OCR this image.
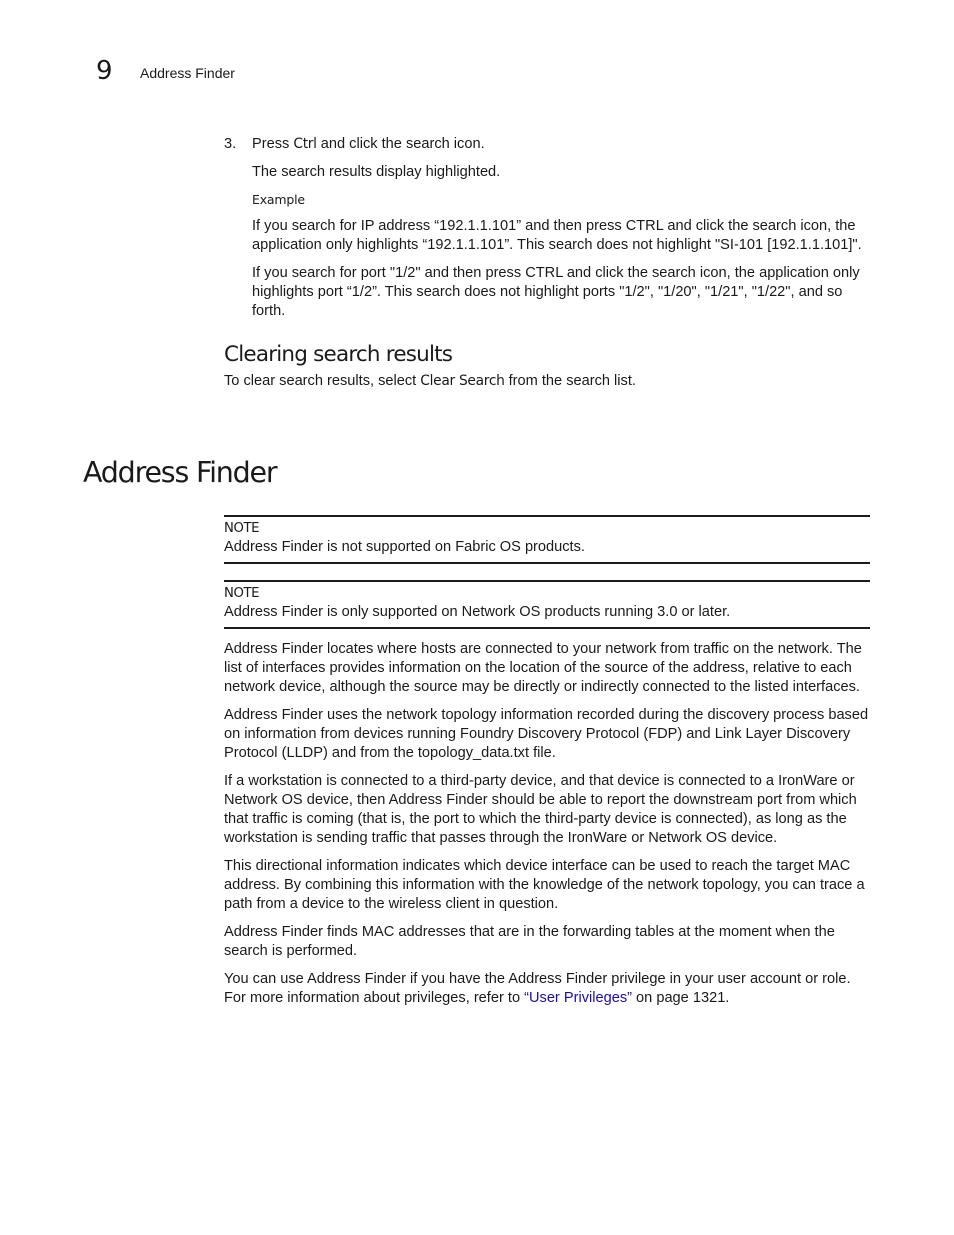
9 Address Finder
3. Press Ctrl and click the search icon.

The search results display highlighted.

Example

If you search for IP address “192.1.1.101” and then press CTRL and click the search icon, the application only highlights “192.1.1.101”. This search does not highlight "SI-101 [192.1.1.101]".

If you search for port "1/2" and then press CTRL and click the search icon, the application only highlights port “1/2”. This search does not highlight ports "1/2", "1/20", "1/21", "1/22", and so forth.

Clearing search results

To clear search results, select Clear Search from the search list.

Address Finder
NOTE

Address Finder is not supported on Fabric OS products.

NOTE

Address Finder is only supported on Network OS products running 3.0 or later.

Address Finder locates where hosts are connected to your network from traffic on the network. The list of interfaces provides information on the location of the source of the address, relative to each network device, although the source may be directly or indirectly connected to the listed interfaces.

Address Finder uses the network topology information recorded during the discovery process based on information from devices running Foundry Discovery Protocol (FDP) and Link Layer Discovery Protocol (LLDP) and from the topology_data.txt file.

If a workstation is connected to a third-party device, and that device is connected to a IronWare or Network OS device, then Address Finder should be able to report the downstream port from which that traffic is coming (that is, the port to which the third-party device is connected), as long as the workstation is sending traffic that passes through the IronWare or Network OS device.

This directional information indicates which device interface can be used to reach the target MAC address. By combining this information with the knowledge of the network topology, you can trace a path from a device to the wireless client in question.

Address Finder finds MAC addresses that are in the forwarding tables at the moment when the search is performed.

You can use Address Finder if you have the Address Finder privilege in your user account or role. For more information about privileges, refer to “User Privileges” on page 1321.
